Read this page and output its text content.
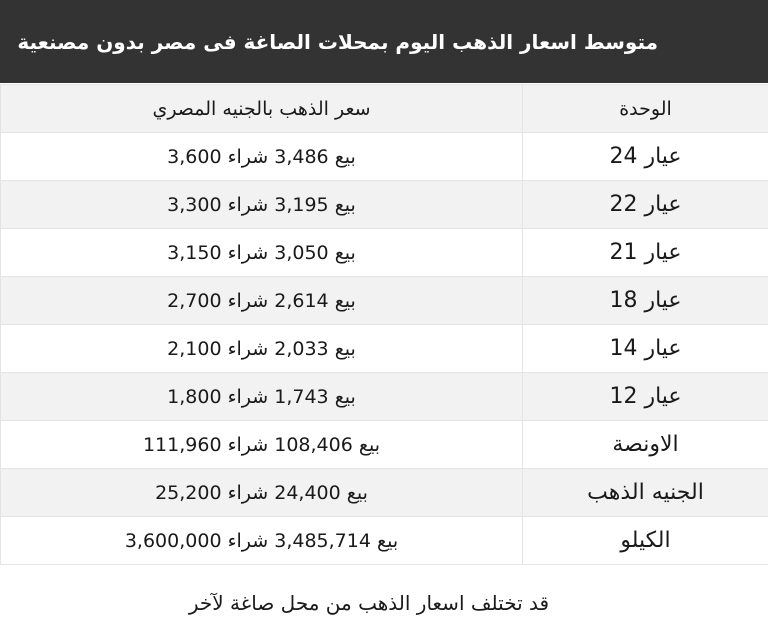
متوسط اسعار الذهب اليوم بمحلات الصاغة فى مصر بدون مصنعية
الوحدة	سعر الذهب بالجنيه المصري
عيار 24	بيع 3,486 شراء 3,600
عيار 22	بيع 3,195 شراء 3,300
عيار 21	بيع 3,050 شراء 3,150
عيار 18	بيع 2,614 شراء 2,700
عيار 14	بيع 2,033 شراء 2,100
عيار 12	بيع 1,743 شراء 1,800
الاونصة	بيع 108,406 شراء 111,960
الجنيه الذهب	بيع 24,400 شراء 25,200
الكيلو	بيع 3,485,714 شراء 3,600,000
قد تختلف اسعار الذهب من محل صاغة لآخر
